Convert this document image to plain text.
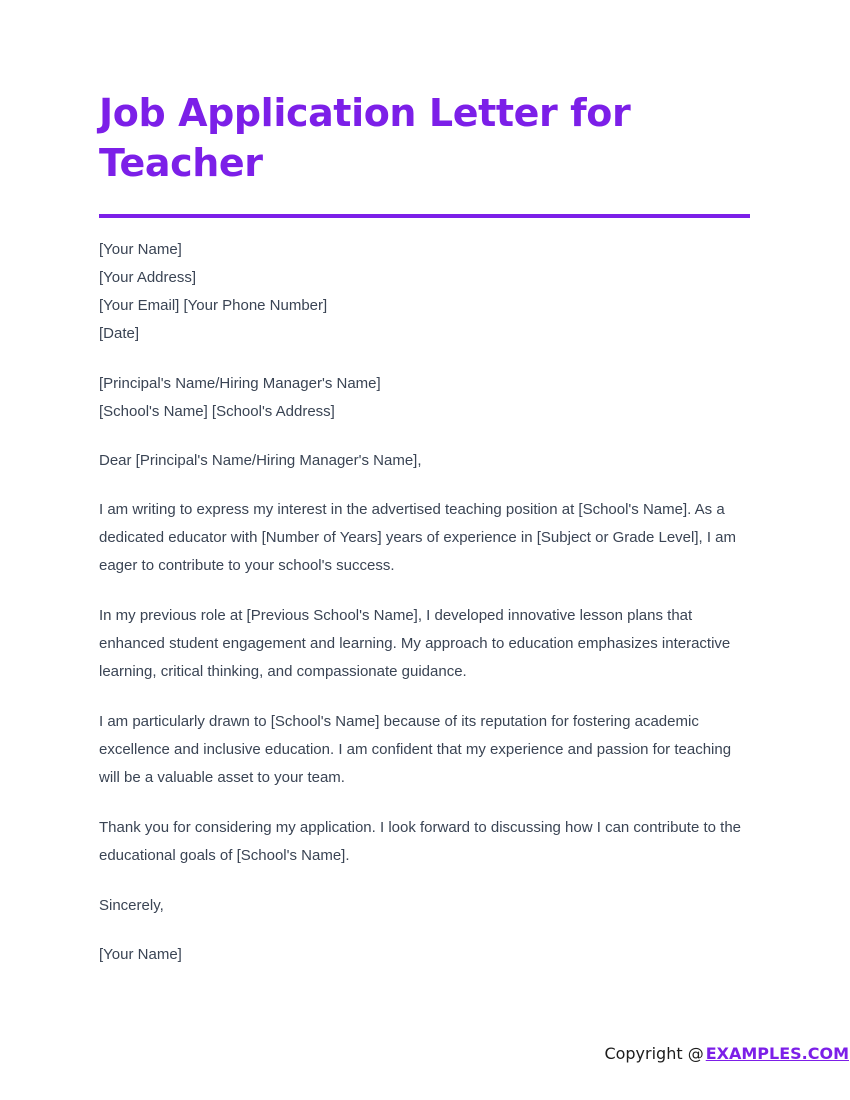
Job Application Letter for Teacher

[Your Name]

[Your Address]

[Your Email] [Your Phone Number]

[Date]

[Principal's Name/Hiring Manager's Name]

[School's Name] [School's Address]

Dear [Principal's Name/Hiring Manager's Name],

I am writing to express my interest in the advertised teaching position at [School's Name]. As a dedicated educator with [Number of Years] years of experience in [Subject or Grade Level], I am eager to contribute to your school's success.

In my previous role at [Previous School's Name], I developed innovative lesson plans that enhanced student engagement and learning. My approach to education emphasizes interactive learning, critical thinking, and compassionate guidance.

I am particularly drawn to [School's Name] because of its reputation for fostering academic excellence and inclusive education. I am confident that my experience and passion for teaching will be a valuable asset to your team.

Thank you for considering my application. I look forward to discussing how I can contribute to the educational goals of [School's Name].

Sincerely,

[Your Name]

Copyright @ EXAMPLES.COM
